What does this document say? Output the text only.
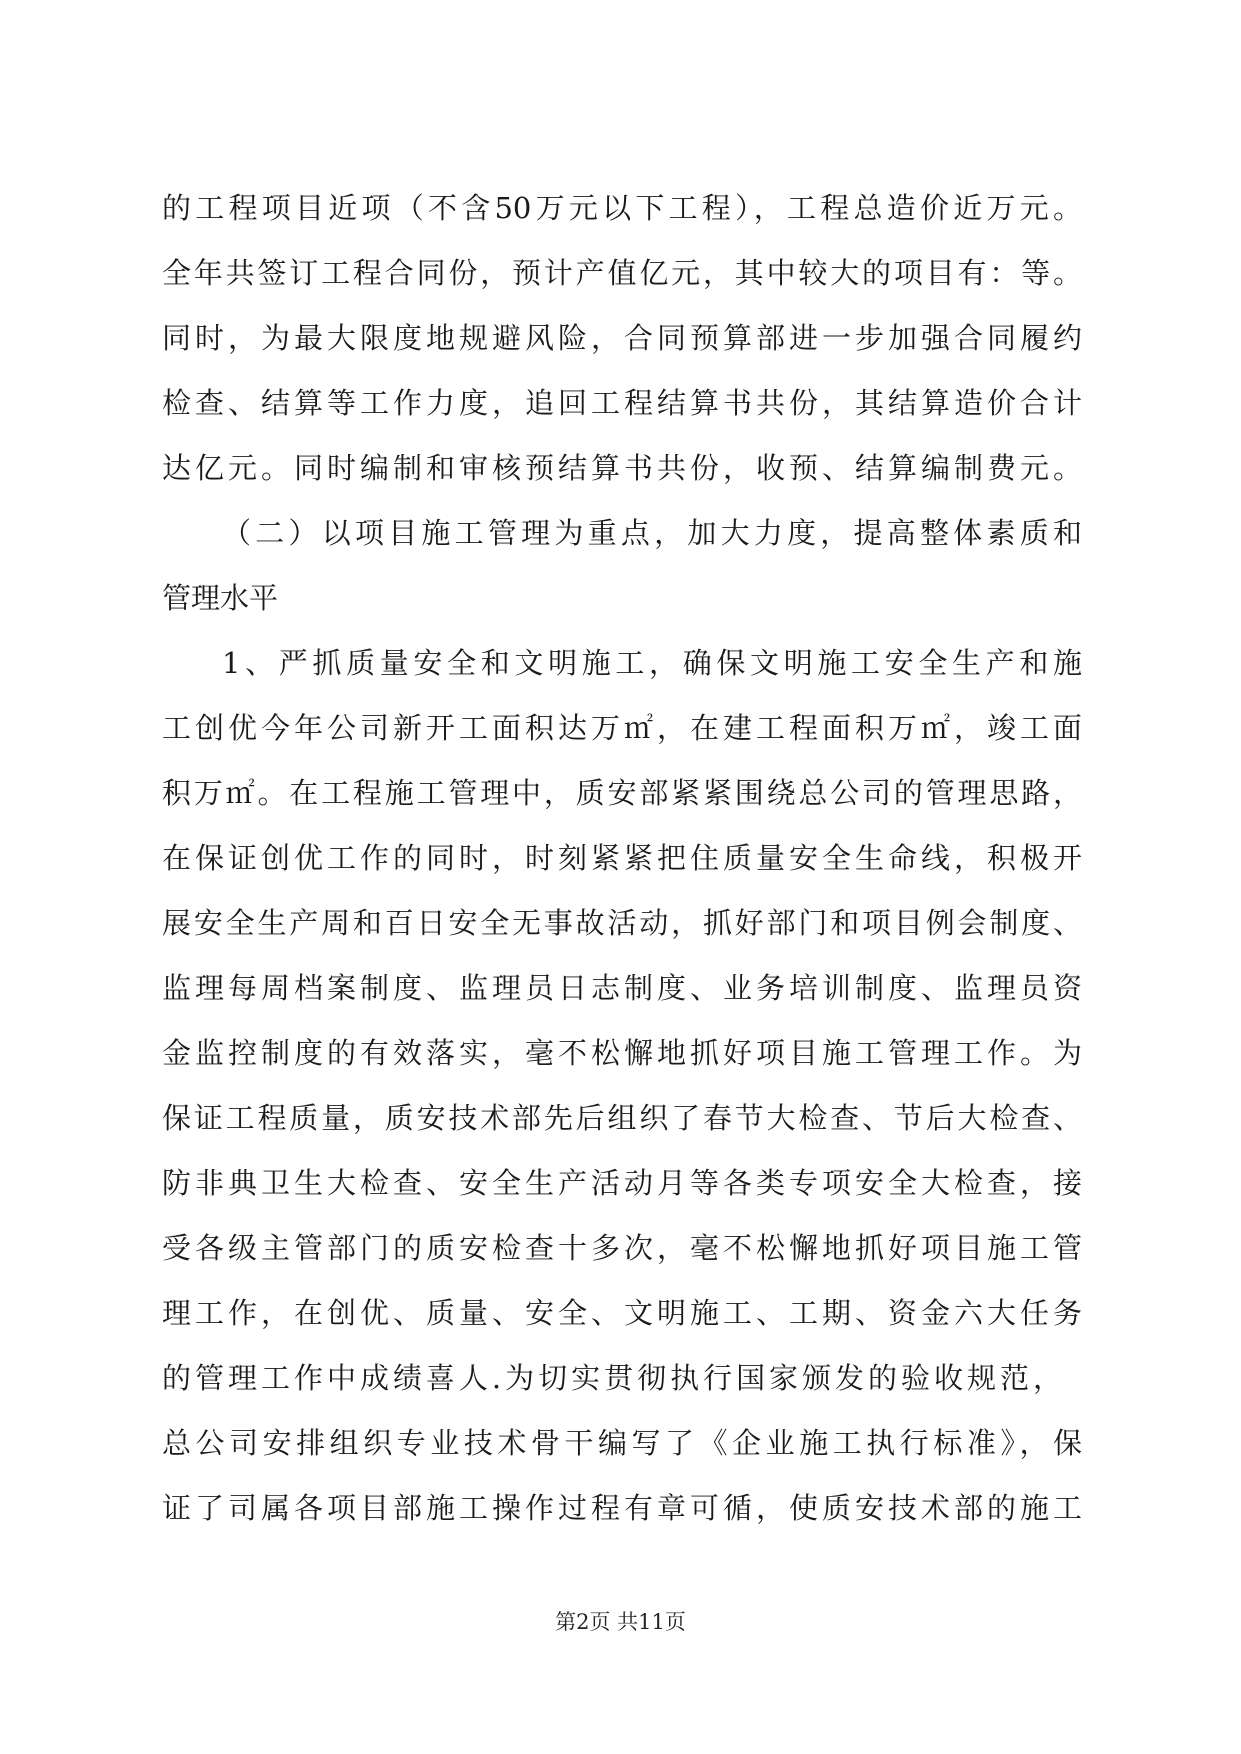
的工程项目近项（不含50万元以下工程），工程总造价近万元。
全年共签订工程合同份，预计产值亿元，其中较大的项目有：等。
同时，为最大限度地规避风险，合同预算部进一步加强合同履约
检查、结算等工作力度，追回工程结算书共份，其结算造价合计
达亿元。同时编制和审核预结算书共份，收预、结算编制费元。
（二）以项目施工管理为重点，加大力度，提高整体素质和
管理水平
1、严抓质量安全和文明施工，确保文明施工安全生产和施
工创优今年公司新开工面积达万㎡，在建工程面积万㎡，竣工面
积万㎡。在工程施工管理中，质安部紧紧围绕总公司的管理思路，
在保证创优工作的同时，时刻紧紧把住质量安全生命线，积极开
展安全生产周和百日安全无事故活动，抓好部门和项目例会制度、
监理每周档案制度、监理员日志制度、业务培训制度、监理员资
金监控制度的有效落实，毫不松懈地抓好项目施工管理工作。为
保证工程质量，质安技术部先后组织了春节大检查、节后大检查、
防非典卫生大检查、安全生产活动月等各类专项安全大检查，接
受各级主管部门的质安检查十多次，毫不松懈地抓好项目施工管
理工作，在创优、质量、安全、文明施工、工期、资金六大任务
的管理工作中成绩喜人.为切实贯彻执行国家颁发的验收规范，
总公司安排组织专业技术骨干编写了《企业施工执行标准》，保
证了司属各项目部施工操作过程有章可循，使质安技术部的施工
第2页 共11页
